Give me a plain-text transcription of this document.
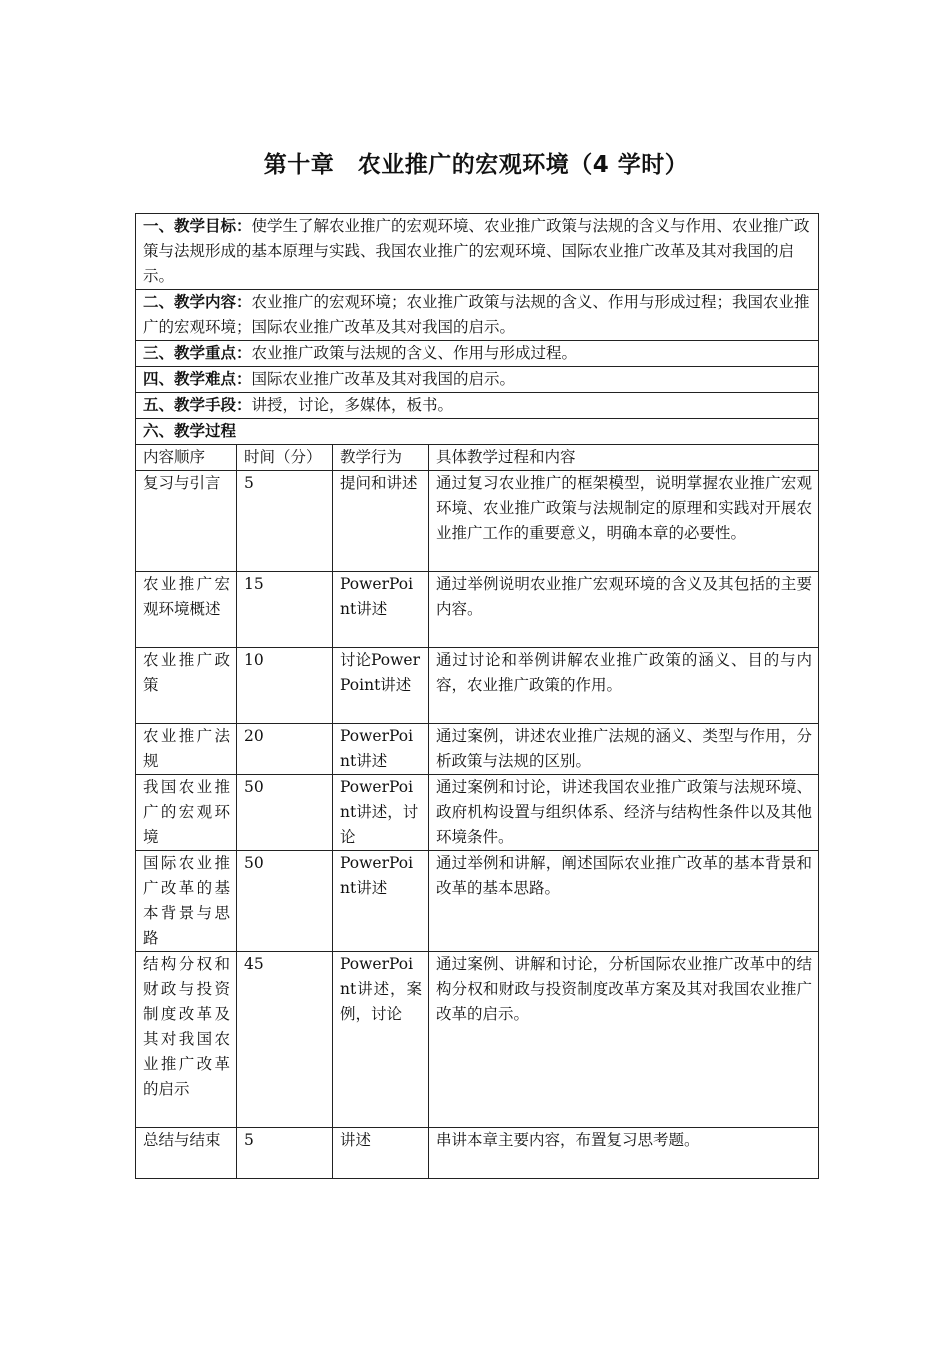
第十章　农业推广的宏观环境（4 学时）
一、教学目标：使学生了解农业推广的宏观环境、农业推广政策与法规的含义与作用、农业推广政策与法规形成的基本原理与实践、我国农业推广的宏观环境、国际农业推广改革及其对我国的启示。			
二、教学内容：农业推广的宏观环境；农业推广政策与法规的含义、作用与形成过程；我国农业推广的宏观环境；国际农业推广改革及其对我国的启示。			
三、教学重点：农业推广政策与法规的含义、作用与形成过程。			
四、教学难点：国际农业推广改革及其对我国的启示。			
五、教学手段：讲授，讨论，多媒体，板书。			
六、教学过程			
内容顺序	时间（分）	教学行为	具体教学过程和内容
复习与引言	5	提问和讲述	通过复习农业推广的框架模型，说明掌握农业推广宏观环境、农业推广政策与法规制定的原理和实践对开展农业推广工作的重要意义，明确本章的必要性。
农业推广宏观环境概述	15	PowerPoint讲述	通过举例说明农业推广宏观环境的含义及其包括的主要内容。
农业推广政策	10	讨论PowerPoint讲述	通过讨论和举例讲解农业推广政策的涵义、目的与内容，农业推广政策的作用。
农业推广法规	20	PowerPoint讲述	通过案例，讲述农业推广法规的涵义、类型与作用，分析政策与法规的区别。
我国农业推广的宏观环境	50	PowerPoint讲述，讨论	通过案例和讨论，讲述我国农业推广政策与法规环境、政府机构设置与组织体系、经济与结构性条件以及其他环境条件。
国际农业推广改革的基本背景与思路	50	PowerPoint讲述	通过举例和讲解，阐述国际农业推广改革的基本背景和改革的基本思路。
结构分权和财政与投资制度改革及其对我国农业推广改革的启示	45	PowerPoint讲述，案例，讨论	通过案例、讲解和讨论，分析国际农业推广改革中的结构分权和财政与投资制度改革方案及其对我国农业推广改革的启示。
总结与结束	5	讲述	串讲本章主要内容，布置复习思考题。
